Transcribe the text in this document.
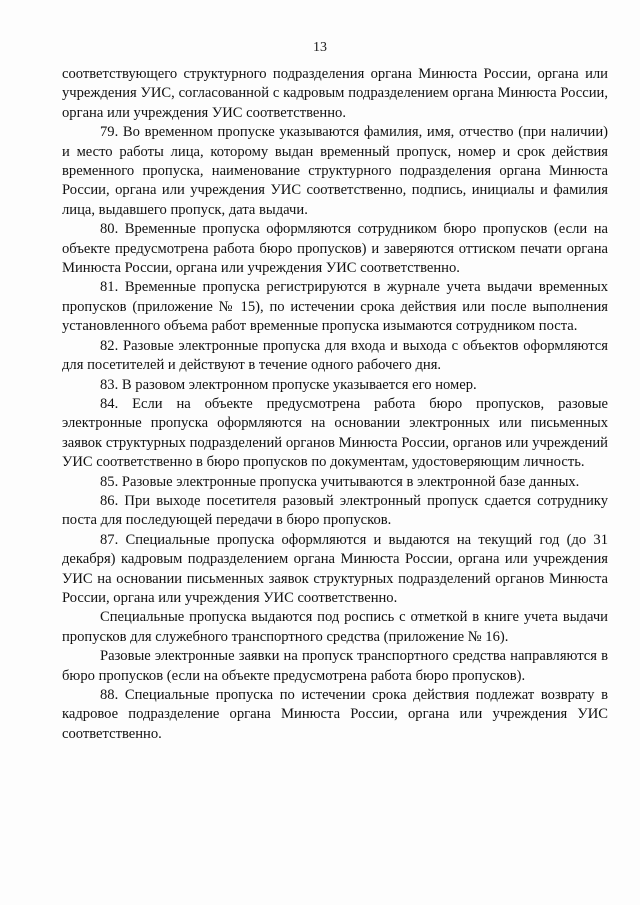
13

соответствующего структурного подразделения органа Минюста России, органа или учреждения УИС, согласованной с кадровым подразделением органа Минюста России, органа или учреждения УИС соответственно.

79. Во временном пропуске указываются фамилия, имя, отчество (при наличии) и место работы лица, которому выдан временный пропуск, номер и срок действия временного пропуска, наименование структурного подразделения органа Минюста России, органа или учреждения УИС соответственно, подпись, инициалы и фамилия лица, выдавшего пропуск, дата выдачи.

80. Временные пропуска оформляются сотрудником бюро пропусков (если на объекте предусмотрена работа бюро пропусков) и заверяются оттиском печати органа Минюста России, органа или учреждения УИС соответственно.

81. Временные пропуска регистрируются в журнале учета выдачи временных пропусков (приложение № 15), по истечении срока действия или после выполнения установленного объема работ временные пропуска изымаются сотрудником поста.

82. Разовые электронные пропуска для входа и выхода с объектов оформляются для посетителей и действуют в течение одного рабочего дня.

83. В разовом электронном пропуске указывается его номер.

84. Если на объекте предусмотрена работа бюро пропусков, разовые электронные пропуска оформляются на основании электронных или письменных заявок структурных подразделений органов Минюста России, органов или учреждений УИС соответственно в бюро пропусков по документам, удостоверяющим личность.

85. Разовые электронные пропуска учитываются в электронной базе данных.

86. При выходе посетителя разовый электронный пропуск сдается сотруднику поста для последующей передачи в бюро пропусков.

87. Специальные пропуска оформляются и выдаются на текущий год (до 31 декабря) кадровым подразделением органа Минюста России, органа или учреждения УИС на основании письменных заявок структурных подразделений органов Минюста России, органа или учреждения УИС соответственно.

Специальные пропуска выдаются под роспись с отметкой в книге учета выдачи пропусков для служебного транспортного средства (приложение № 16).

Разовые электронные заявки на пропуск транспортного средства направляются в бюро пропусков (если на объекте предусмотрена работа бюро пропусков).

88. Специальные пропуска по истечении срока действия подлежат возврату в кадровое подразделение органа Минюста России, органа или учреждения УИС соответственно.
